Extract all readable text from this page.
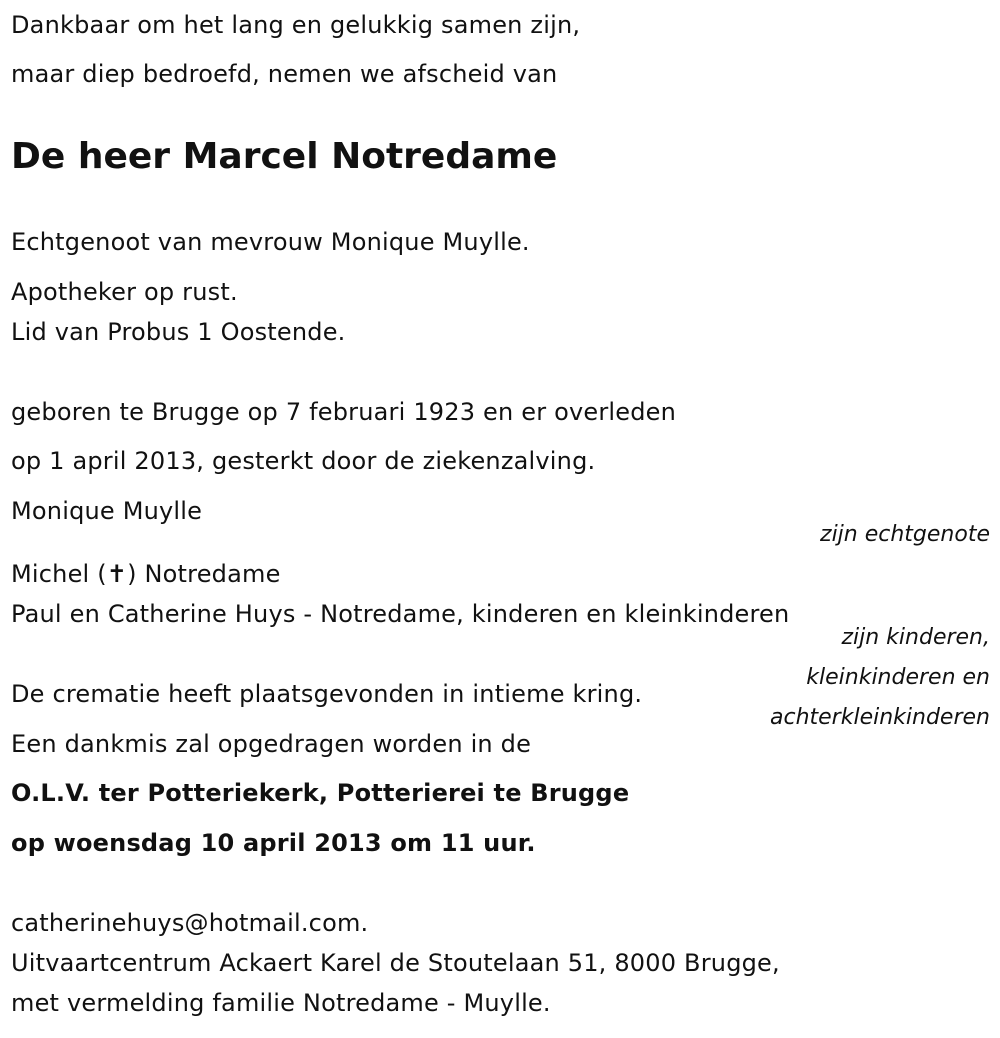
Dankbaar om het lang en gelukkig samen zijn,
maar diep bedroefd, nemen we afscheid van
De heer Marcel Notredame
Echtgenoot van mevrouw Monique Muylle.
Apotheker op rust.
Lid van Probus 1 Oostende.
geboren te Brugge op 7 februari 1923 en er overleden
op 1 april 2013, gesterkt door de ziekenzalving.
Monique Muylle
zijn echtgenote
Michel (✝) Notredame
Paul en Catherine Huys - Notredame, kinderen en kleinkinderen
zijn kinderen,
kleinkinderen en
achterkleinkinderen
De crematie heeft plaatsgevonden in intieme kring.
Een dankmis zal opgedragen worden in de
O.L.V. ter Potteriekerk, Potterierei te Brugge
op woensdag 10 april 2013 om 11 uur.
catherinehuys@hotmail.com.
Uitvaartcentrum Ackaert Karel de Stoutelaan 51, 8000 Brugge,
met vermelding familie Notredame - Muylle.
